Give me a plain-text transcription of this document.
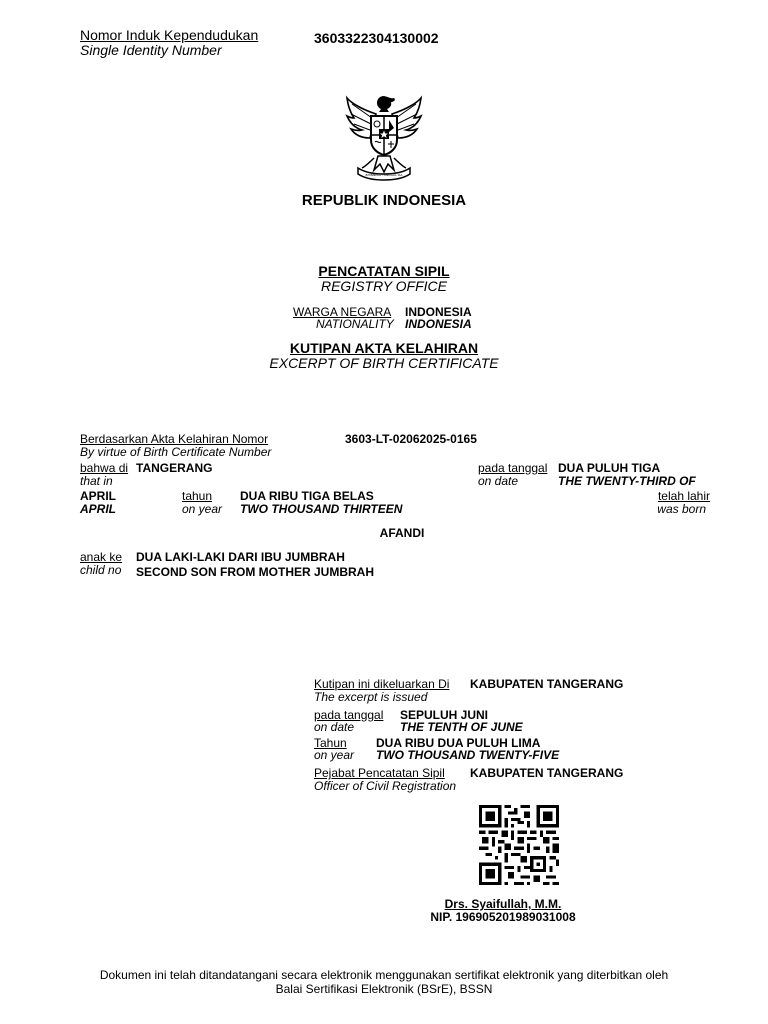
Nomor Induk Kependudukan
Single Identity Number
3603322304130002
BHINNEKA TUNGGAL IKA
REPUBLIK INDONESIA
PENCATATAN SIPIL
REGISTRY OFFICE
WARGA NEGARA INDONESIA
NATIONALITY INDONESIA
KUTIPAN AKTA KELAHIRAN
EXCERPT OF BIRTH CERTIFICATE
Berdasarkan Akta Kelahiran Nomor
By virtue of Birth Certificate Number
3603-LT-02062025-0165
bahwa di TANGERANG
that in
pada tanggal
on date
DUA PULUH TIGA
THE TWENTY-THIRD OF
APRIL
APRIL
tahun
on year
DUA RIBU TIGA BELAS
TWO THOUSAND THIRTEEN
telah lahir
was born
AFANDI
anak ke
child no
DUA LAKI-LAKI DARI IBU JUMBRAH
SECOND SON FROM MOTHER JUMBRAH
Kutipan ini dikeluarkan Di
The excerpt is issued
KABUPATEN TANGERANG
pada tanggal
on date
SEPULUH JUNI
THE TENTH OF JUNE
Tahun
on year
DUA RIBU DUA PULUH LIMA
TWO THOUSAND TWENTY-FIVE
Pejabat Pencatatan Sipil
Officer of Civil Registration
KABUPATEN TANGERANG
Drs. Syaifullah, M.M.
NIP. 196905201989031008
Dokumen ini telah ditandatangani secara elektronik menggunakan sertifikat elektronik yang diterbitkan oleh
Balai Sertifikasi Elektronik (BSrE), BSSN
